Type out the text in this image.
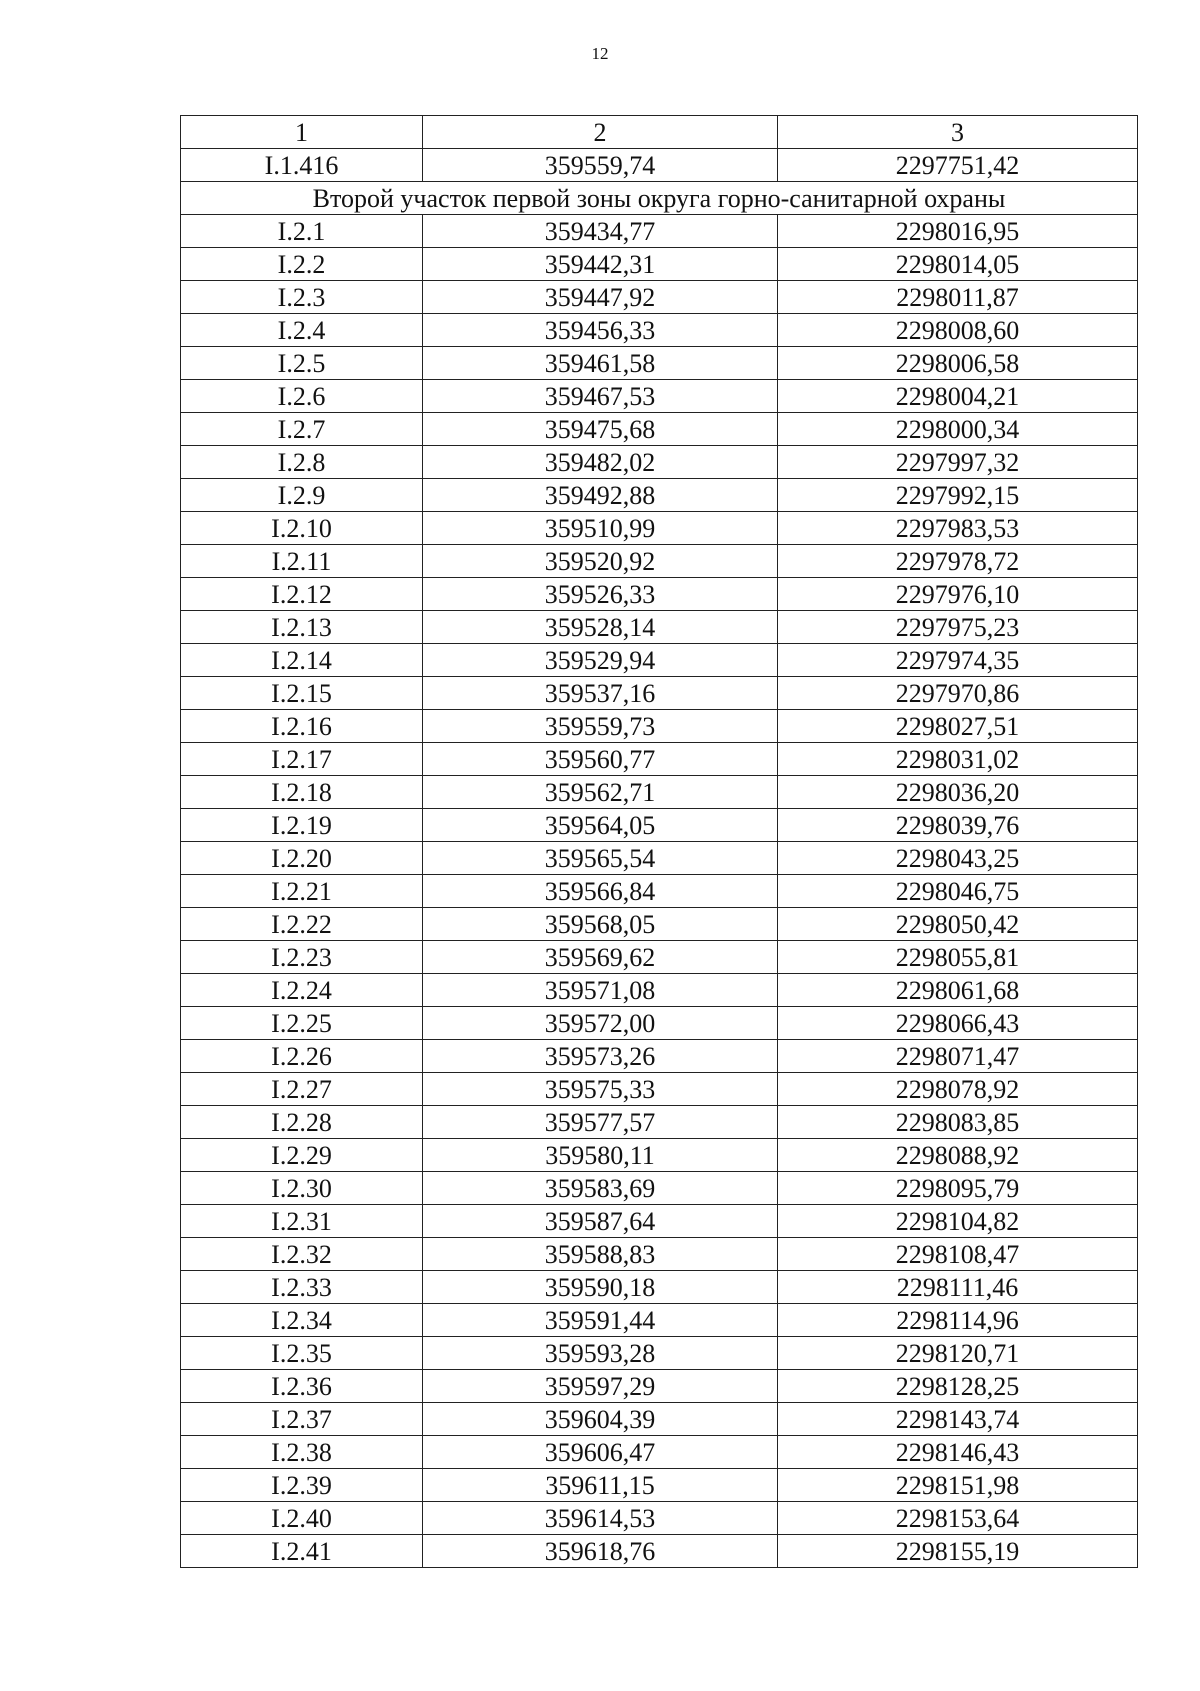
12
1	2	3
I.1.416	359559,74	2297751,42
Второй участок первой зоны округа горно-санитарной охраны		
I.2.1	359434,77	2298016,95
I.2.2	359442,31	2298014,05
I.2.3	359447,92	2298011,87
I.2.4	359456,33	2298008,60
I.2.5	359461,58	2298006,58
I.2.6	359467,53	2298004,21
I.2.7	359475,68	2298000,34
I.2.8	359482,02	2297997,32
I.2.9	359492,88	2297992,15
I.2.10	359510,99	2297983,53
I.2.11	359520,92	2297978,72
I.2.12	359526,33	2297976,10
I.2.13	359528,14	2297975,23
I.2.14	359529,94	2297974,35
I.2.15	359537,16	2297970,86
I.2.16	359559,73	2298027,51
I.2.17	359560,77	2298031,02
I.2.18	359562,71	2298036,20
I.2.19	359564,05	2298039,76
I.2.20	359565,54	2298043,25
I.2.21	359566,84	2298046,75
I.2.22	359568,05	2298050,42
I.2.23	359569,62	2298055,81
I.2.24	359571,08	2298061,68
I.2.25	359572,00	2298066,43
I.2.26	359573,26	2298071,47
I.2.27	359575,33	2298078,92
I.2.28	359577,57	2298083,85
I.2.29	359580,11	2298088,92
I.2.30	359583,69	2298095,79
I.2.31	359587,64	2298104,82
I.2.32	359588,83	2298108,47
I.2.33	359590,18	2298111,46
I.2.34	359591,44	2298114,96
I.2.35	359593,28	2298120,71
I.2.36	359597,29	2298128,25
I.2.37	359604,39	2298143,74
I.2.38	359606,47	2298146,43
I.2.39	359611,15	2298151,98
I.2.40	359614,53	2298153,64
I.2.41	359618,76	2298155,19
